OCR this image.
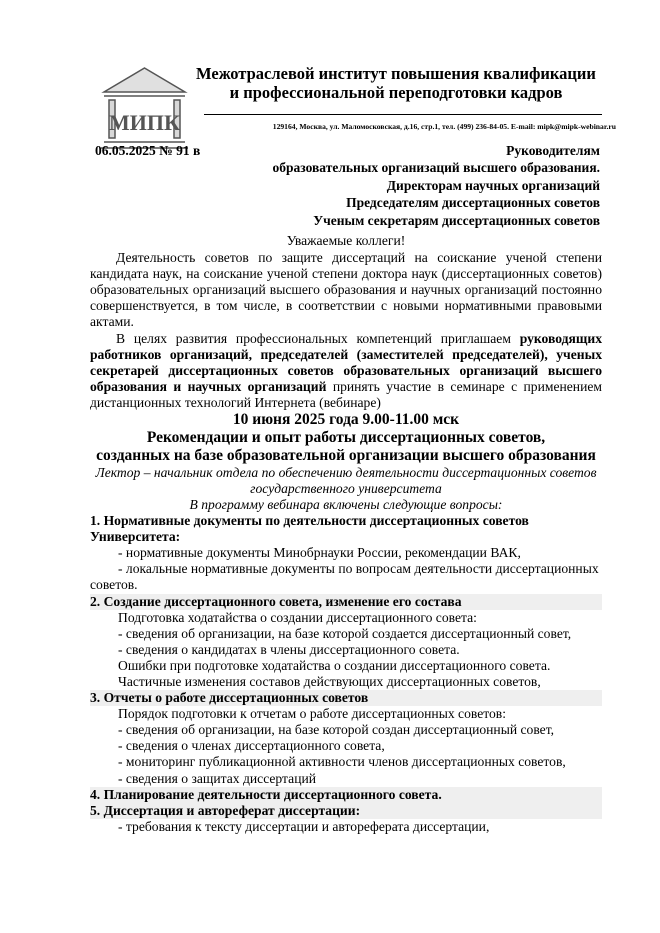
МИПК
Межотраслевой институт повышения квалификации
и профессиональной переподготовки кадров
129164, Москва, ул. Маломосковская, д.16, стр.1, тел. (499) 236-84-05. E-mail: mipk@mipk-webinar.ru
06.05.2025 № 91 в	Руководителям
образовательных организаций высшего образования.
Директорам научных организаций
Председателям диссертационных советов
Ученым секретарям диссертационных советов

Уважаемые коллеги!

Деятельность советов по защите диссертаций на соискание ученой степени кандидата наук, на соискание ученой степени доктора наук (диссертационных советов) образовательных организаций высшего образования и научных организаций постоянно совершенствуется, в том числе, в соответствии с новыми нормативными правовыми актами.

В целях развития профессиональных компетенций приглашаем руководящих работников организаций, председателей (заместителей председателей), ученых секретарей диссертационных советов образовательных организаций высшего образования и научных организаций принять участие в семинаре с применением дистанционных технологий Интернета (вебинаре)

10 июня 2025 года 9.00-11.00 мск

Рекомендации и опыт работы диссертационных советов,

созданных на базе образовательной организации высшего образования

Лектор – начальник отдела по обеспечению деятельности диссертационных советов государственного университета

В программу вебинара включены следующие вопросы:

1. Нормативные документы по деятельности диссертационных советов Университета:

- нормативные документы Минобрнауки России, рекомендации ВАК,

- локальные нормативные документы по вопросам деятельности диссертационных советов.

2. Создание диссертационного совета, изменение его состава

Подготовка ходатайства о создании диссертационного совета:

- сведения об организации, на базе которой создается диссертационный совет,

- сведения о кандидатах в члены диссертационного совета.

Ошибки при подготовке ходатайства о создании диссертационного совета.

Частичные изменения составов действующих диссертационных советов,

3. Отчеты о работе диссертационных советов

Порядок подготовки к отчетам о работе диссертационных советов:

- сведения об организации, на базе которой создан диссертационный совет,

- сведения о членах диссертационного совета,

- мониторинг публикационной активности членов диссертационных советов,

- сведения о защитах диссертаций

4. Планирование деятельности диссертационного совета.

5. Диссертация и автореферат диссертации:

- требования к тексту диссертации и автореферата диссертации,
